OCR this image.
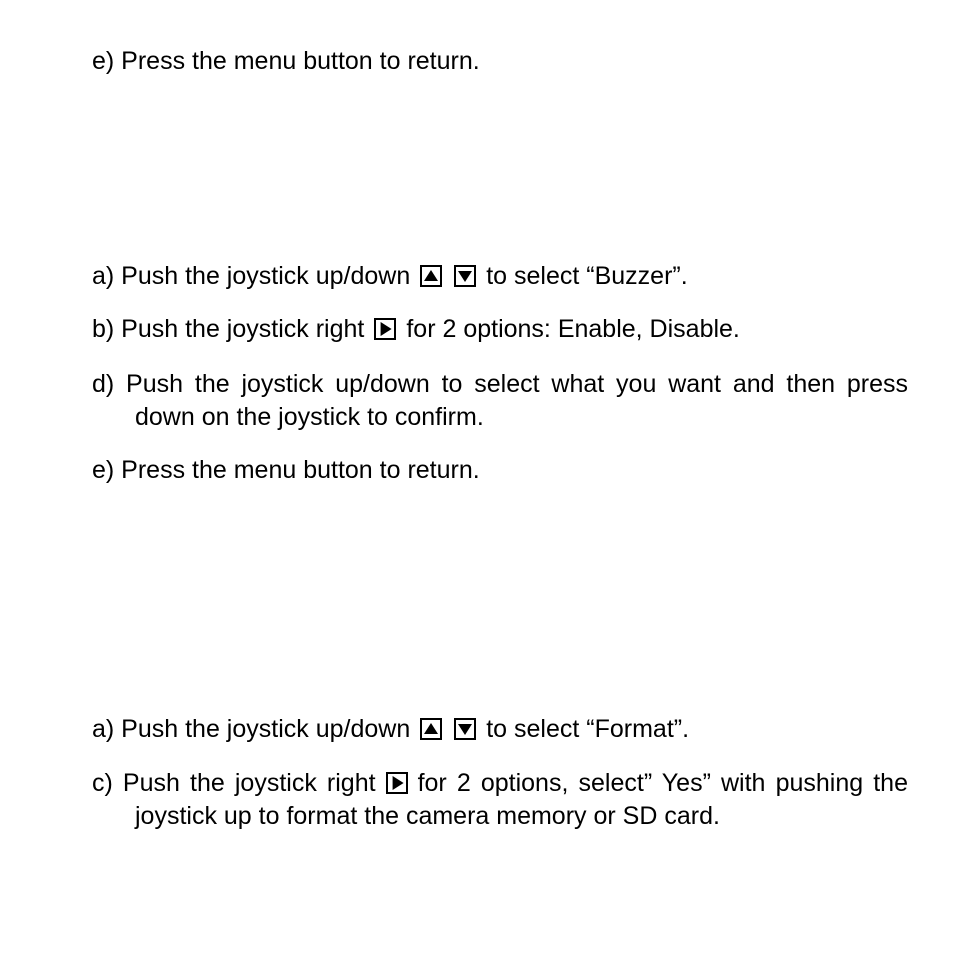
e) Press the menu button to return.

a) Push the joystick up/down	to select “Buzzer”.

b) Push the joystick right for 2 options: Enable, Disable.

d) Push the joystick up/down to select what you want and then press down on the joystick to confirm.

e) Press the menu button to return.

a) Push the joystick up/down	to select “Format”.

c) Push the joystick right for 2 options, select” Yes” with pushing the joystick up to format the camera memory or SD card.
